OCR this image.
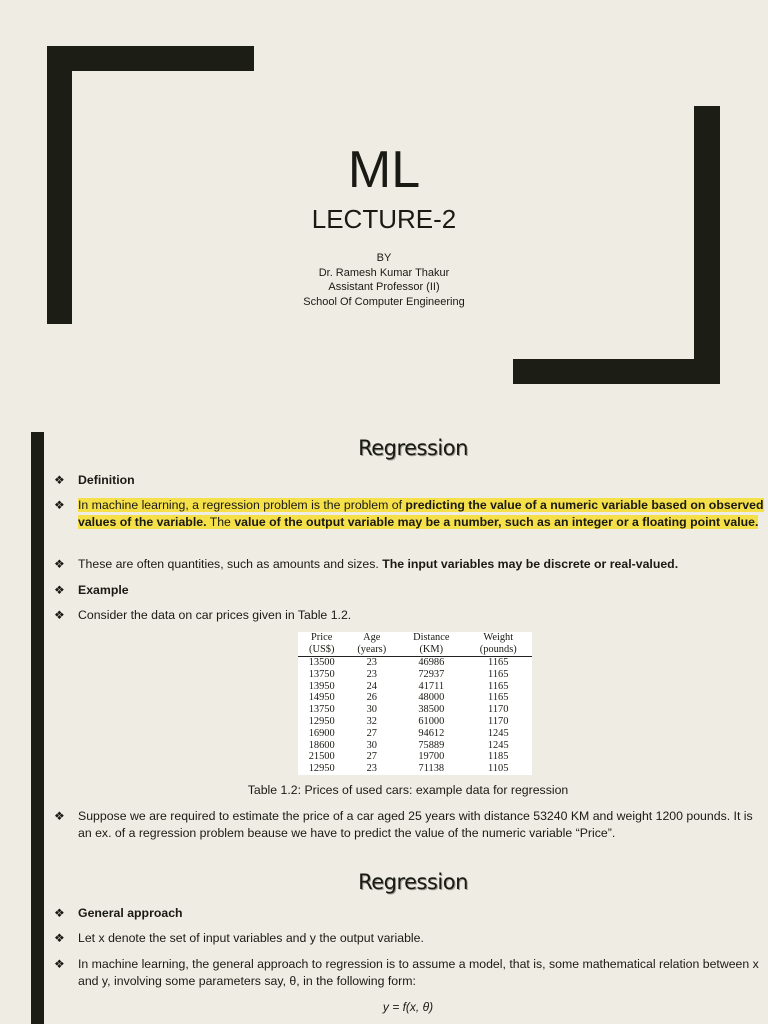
ML
LECTURE-2
BY
Dr. Ramesh Kumar Thakur
Assistant Professor (II)
School Of Computer Engineering
Regression
❖ Definition
❖ In machine learning, a regression problem is the problem of predicting the value of a numeric variable based on observed values of the variable. The value of the output variable may be a number, such as an integer or a floating point value.
❖ These are often quantities, such as amounts and sizes. The input variables may be discrete or real-valued.
❖ Example
❖ Consider the data on car prices given in Table 1.2.
Price	Age	Distance	Weight
(US$)	(years)	(KM)	(pounds)
13500	23	46986	1165
13750	23	72937	1165
13950	24	41711	1165
14950	26	48000	1165
13750	30	38500	1170
12950	32	61000	1170
16900	27	94612	1245
18600	30	75889	1245
21500	27	19700	1185
12950	23	71138	1105
Table 1.2: Prices of used cars: example data for regression
❖ Suppose we are required to estimate the price of a car aged 25 years with distance 53240 KM and weight 1200 pounds. It is an ex. of a regression problem beause we have to predict the value of the numeric variable “Price”.
Regression
❖ General approach
❖ Let x denote the set of input variables and y the output variable.
❖ In machine learning, the general approach to regression is to assume a model, that is, some mathematical relation between x and y, involving some parameters say, θ, in the following form:
y = f(x, θ)
